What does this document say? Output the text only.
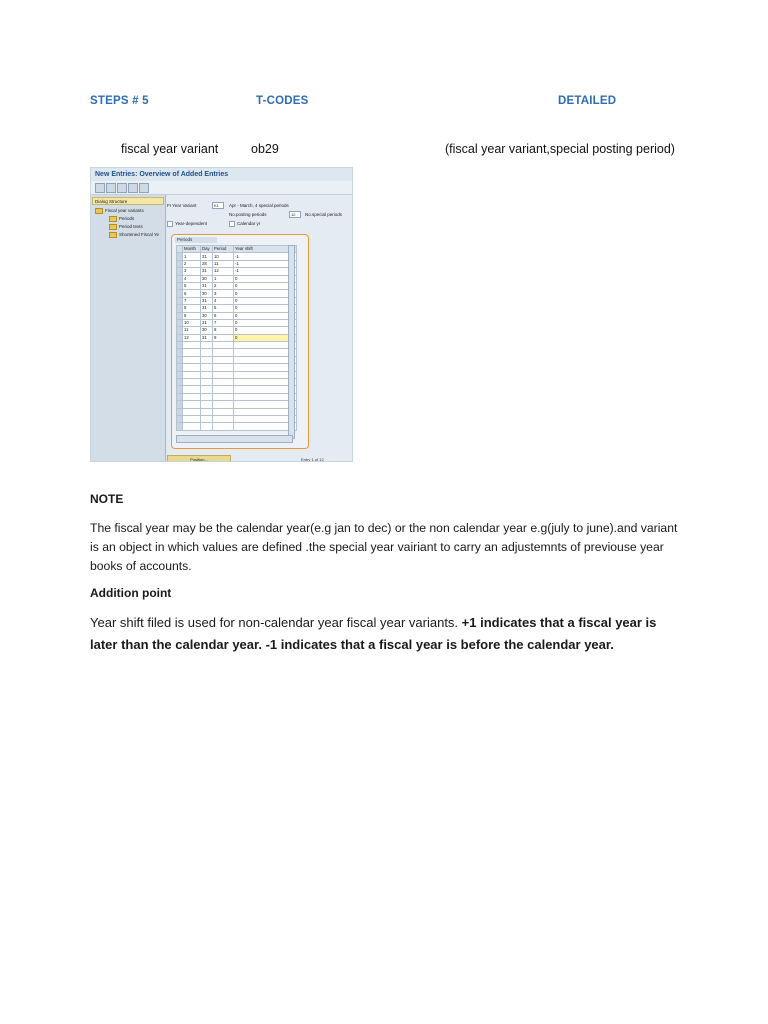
STEPS # 5	T-CODES	DETAILED
fiscal year variant	ob29	(fiscal year variant,special posting period)
New Entries: Overview of Added Entries
Dialog Structure
Fiscal year variants
Periods
Period texts
Shortened Fiscal Ye
FI Year Variant	K1	Apr - March, 4 special periods
No.posting periods	12	No.special periods
Year-dependent	Calendar yr
Periods
	Month	Day	Period	Year shift
	1	31	10	-1
	2	28	11	-1
	3	31	12	-1
	4	30	1	0
	5	31	2	0
	6	30	3	0
	7	31	4	0
	8	31	5	0
	9	30	6	0
	10	31	7	0
	11	30	8	0
	12	31	9	0

Position...	Entry 1 of 12
NOTE
The fiscal year may be the calendar year(e.g jan to dec) or the non calendar year e.g(july to june).and variant is an object in which values are defined .the special year vairiant to carry an adjustemnts of previouse year books of accounts.
Addition point
Year shift filed is used for non-calendar year fiscal year variants. +1 indicates that a fiscal year is later than the calendar year. -1 indicates that a fiscal year is before the calendar year.
